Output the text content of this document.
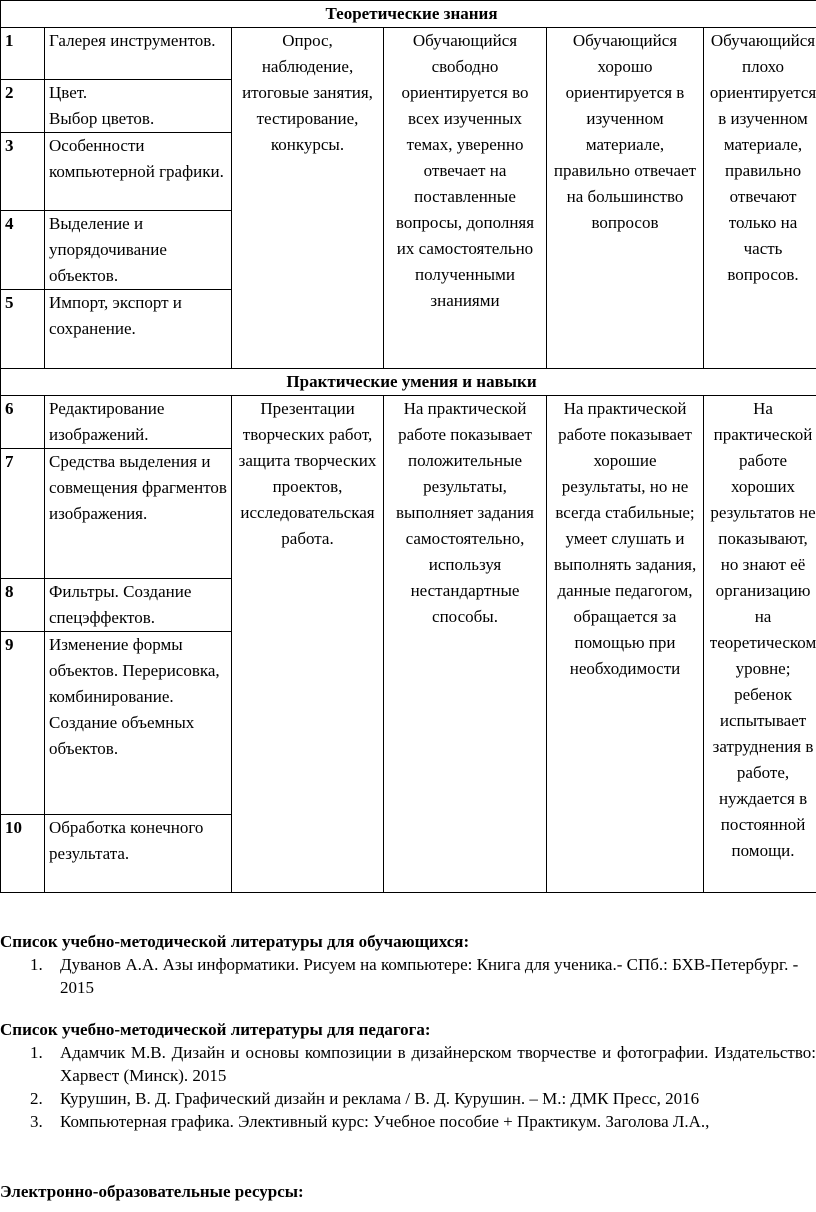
Теоретические знания					
1	Галерея инструментов.	Опрос, наблюдение, итоговые занятия, тестирование, конкурсы.	Обучающийся свободно ориентируется во всех изученных темах, уверенно отвечает на поставленные вопросы, дополняя их самостоятельно полученными знаниями	Обучающийся хорошо ориентируется в изученном материале, правильно отвечает на большинство вопросов	Обучающийся плохо ориентируется в изученном материале, правильно отвечают только на часть вопросов.
2	Цвет.
Выбор цветов.				
3	Особенности компьютерной графики.				
4	Выделение и упорядочивание объектов.				
5	Импорт, экспорт и сохранение.				
Практические умения и навыки					
6	Редактирование изображений.	Презентации творческих работ, защита творческих проектов, исследовательская работа.	На практической работе показывает положительные результаты, выполняет задания самостоятельно, используя нестандартные способы.	На практической работе показывает хорошие результаты, но не всегда стабильные; умеет слушать и выполнять задания, данные педагогом, обращается за помощью при необходимости	На практической работе хороших результатов не показывают, но знают её организацию на теоретическом уровне; ребенок испытывает затруднения в работе, нуждается в постоянной помощи.
7	Средства выделения и совмещения фрагментов изображения.				
8	Фильтры. Создание спецэффектов.				
9	Изменение формы объектов. Перерисовка, комбинирование. Создание объемных объектов.				
10	Обработка конечного результата.				
Список учебно-методической литературы для обучающихся:
1. Дуванов А.А. Азы информатики. Рисуем на компьютере: Книга для ученика.- СПб.: БХВ-Петербург. - 2015
Список учебно-методической литературы для педагога:
1. Адамчик М.В. Дизайн и основы композиции в дизайнерском творчестве и фотографии. Издательство: Харвест (Минск). 2015
2. Курушин, В. Д. Графический дизайн и реклама / В. Д. Курушин. – М.: ДМК Пресс, 2016
3. Компьютерная графика. Элективный курс: Учебное пособие + Практикум. Заголова Л.А.,
Электронно-образовательные ресурсы:
